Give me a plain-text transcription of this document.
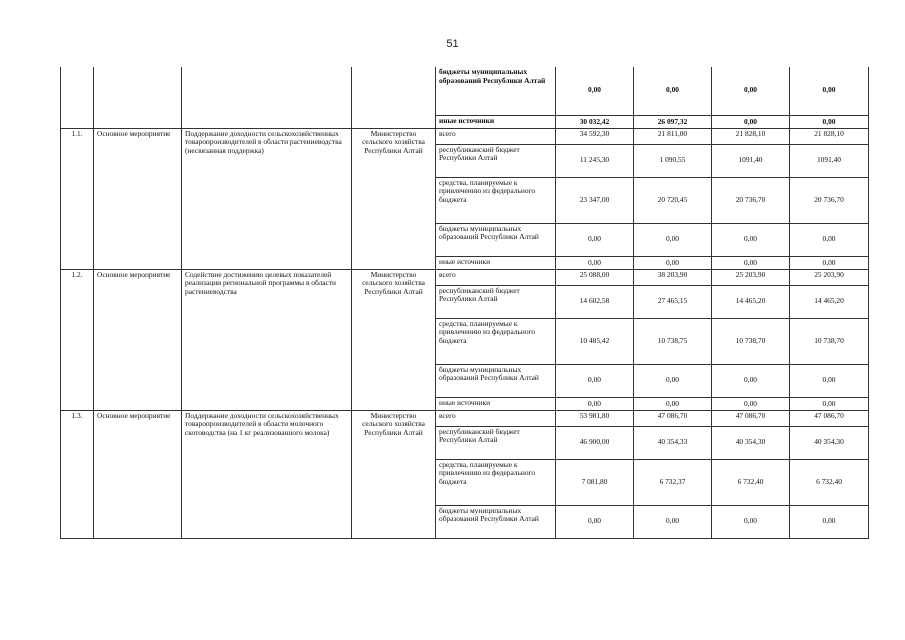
51
				бюджеты муниципальных образований Республики Алтай	0,00	0,00	0,00	0,00
				иные источники	30 032,42	26 097,32	0,00	0,00
1.1.	Основное мероприятие	Поддержание доходности сельскохозяйственных товаропроизводителей в области растениеводства (несвязанная поддержка)	Министерство сельского хозяйства Республики Алтай	всего	34 592,30	21 811,00	21 828,10	21 828,10
				республиканский бюджет Республики Алтай	11 245,30	1 090,55	1091,40	1091,40
				средства, планируемые к привлечению из федерального бюджета	23 347,00	20 720,45	20 736,70	20 736,70
				бюджеты муниципальных образований Республики Алтай	0,00	0,00	0,00	0,00
				иные источники	0,00	0,00	0,00	0,00
1.2.	Основное мероприятие	Содействие достижению целевых показателей реализации региональной программы в области растениеводства	Министерство сельского хозяйства Республики Алтай	всего	25 088,00	38 203,90	25 203,90	25 203,90
				республиканский бюджет Республики Алтай	14 602,58	27 465,15	14 465,20	14 465,20
				средства, планируемые к привлечению из федерального бюджета	10 485,42	10 738,75	10 738,70	10 738,70
				бюджеты муниципальных образований Республики Алтай	0,00	0,00	0,00	0,00
				иные источники	0,00	0,00	0,00	0,00
1.3.	Основное мероприятие	Поддержание доходности сельскохозяйственных товаропроизводителей в области молочного скотоводства (на 1 кг реализованного молока)	Министерство сельского хозяйства Республики Алтай	всего	53 981,80	47 086,70	47 086,70	47 086,70
				республиканский бюджет Республики Алтай	46 900,00	40 354,33	40 354,30	40 354,30
				средства, планируемые к привлечению из федерального бюджета	7 081,80	6 732,37	6 732,40	6 732,40
				бюджеты муниципальных образований Республики Алтай	0,00	0,00	0,00	0,00
